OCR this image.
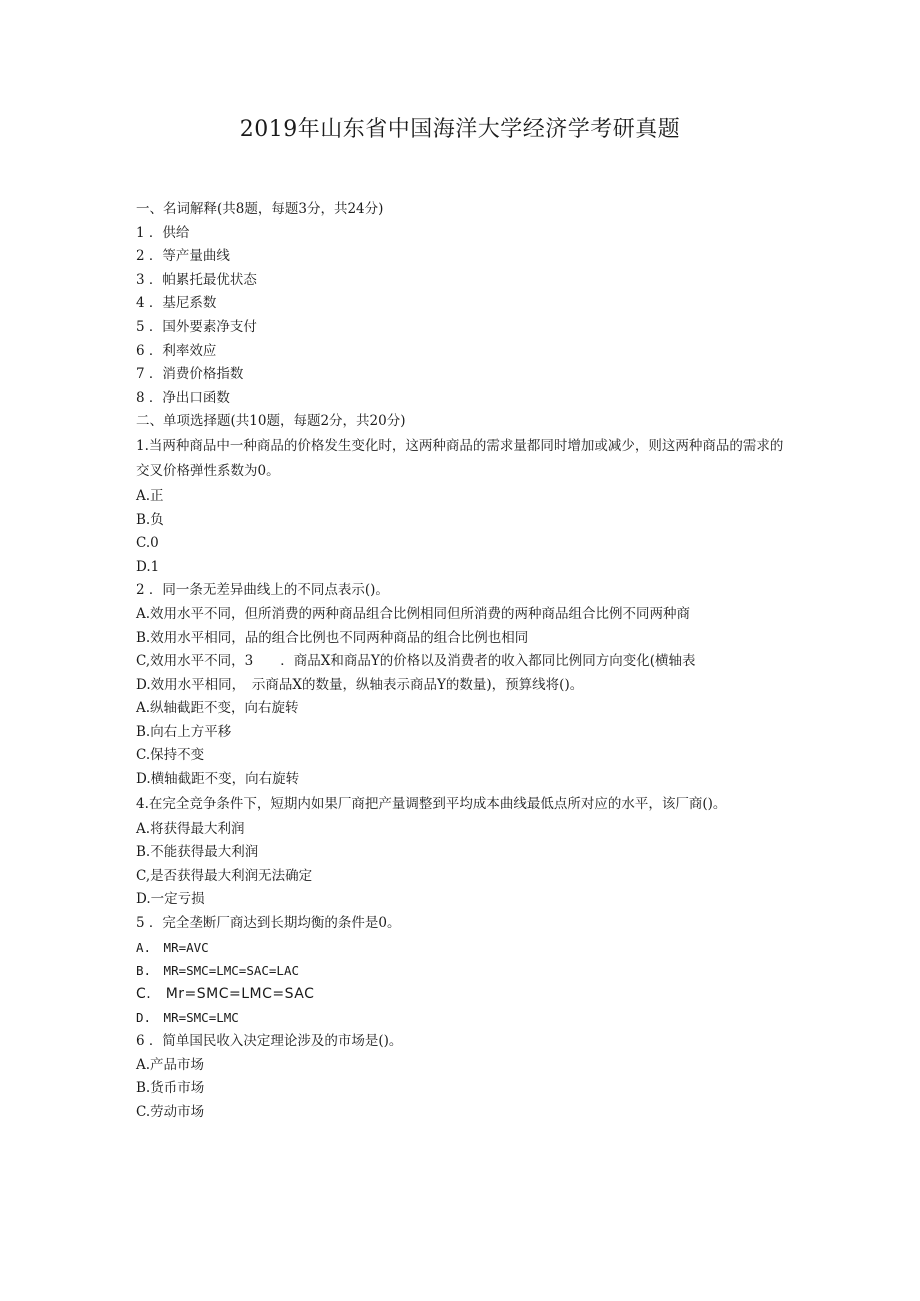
2019年山东省中国海洋大学经济学考研真题
一、名词解释(共8题，每题3分，共24分)
1 ．供给
2 ．等产量曲线
3 ．帕累托最优状态
4 ．基尼系数
5 ．国外要素净支付
6 ．利率效应
7 ．消费价格指数
8 ．净出口函数
二、单项选择题(共10题，每题2分，共20分)
1.当两种商品中一种商品的价格发生变化时，这两种商品的需求量都同时增加或减少，则这两种商品的需求的交叉价格弹性系数为0。
A.正
B.负
C.0
D.1
2 ．同一条无差异曲线上的不同点表示()。
A.效用水平不同，但所消费的两种商品组合比例相同但所消费的两种商品组合比例不同两种商
B.效用水平相同，品的组合比例也不同两种商品的组合比例也相同
C,效用水平不同，3　　．商品X和商品Y的价格以及消费者的收入都同比例同方向变化(横轴表
D.效用水平相同，　示商品X的数量，纵轴表示商品Y的数量)，预算线将()。
A.纵轴截距不变，向右旋转
B.向右上方平移
C.保持不变
D.横轴截距不变，向右旋转
4.在完全竞争条件下，短期内如果厂商把产量调整到平均成本曲线最低点所对应的水平，该厂商()。
A.将获得最大利润
B.不能获得最大利润
C,是否获得最大利润无法确定
D.一定亏损
5 ．完全垄断厂商达到长期均衡的条件是0。
A.　MR=AVC
B.　MR=SMC=LMC=SAC=LAC
C.　Mr=SMC=LMC=SAC
D.　MR=SMC=LMC
6 ．简单国民收入决定理论涉及的市场是()。
A.产品市场
B.货币市场
C.劳动市场
